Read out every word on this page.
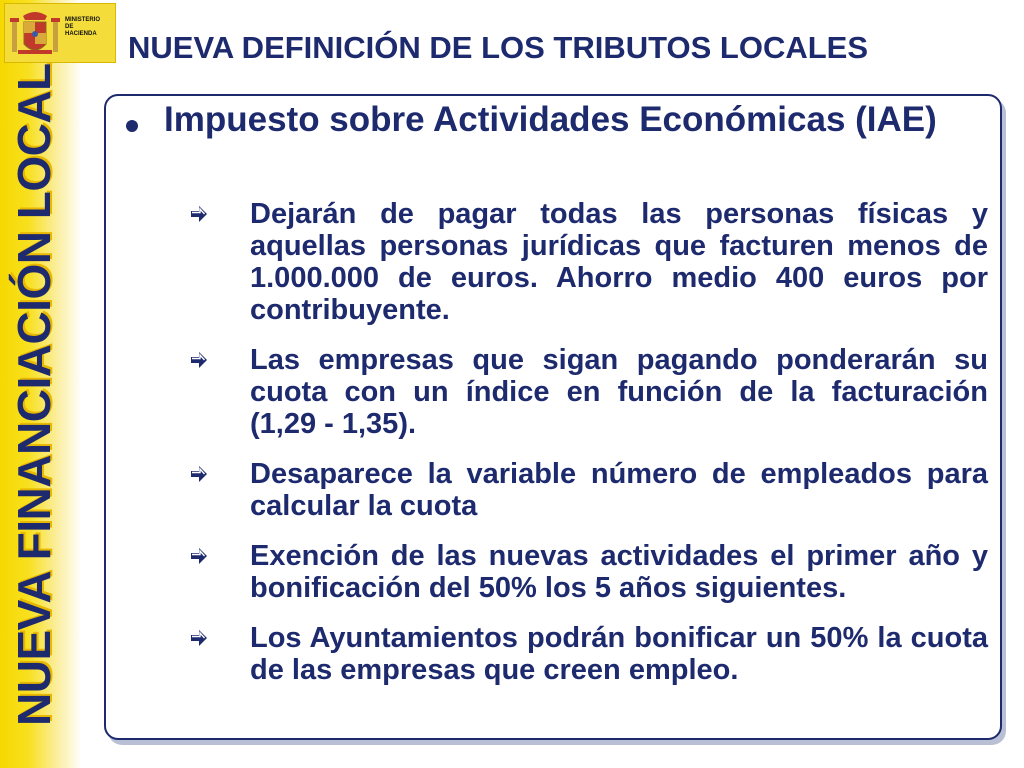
NUEVA FINANCIACIÓN LOCAL
MINISTERIO
DE
HACIENDA	NUEVA DEFINICIÓN DE LOS TRIBUTOS LOCALES
Impuesto sobre Actividades Económicas (IAE)
Dejarán de pagar todas las personas físicas y aquellas personas jurídicas que facturen menos de 1.000.000 de euros. Ahorro medio 400 euros por contribuyente.
Las empresas que sigan pagando ponderarán su cuota con un índice en función de la facturación (1,29 - 1,35).
Desaparece la variable número de empleados para calcular la cuota
Exención de las nuevas actividades el primer año y bonificación del 50% los 5 años siguientes.
Los Ayuntamientos podrán bonificar un 50% la cuota de las empresas que creen empleo.
